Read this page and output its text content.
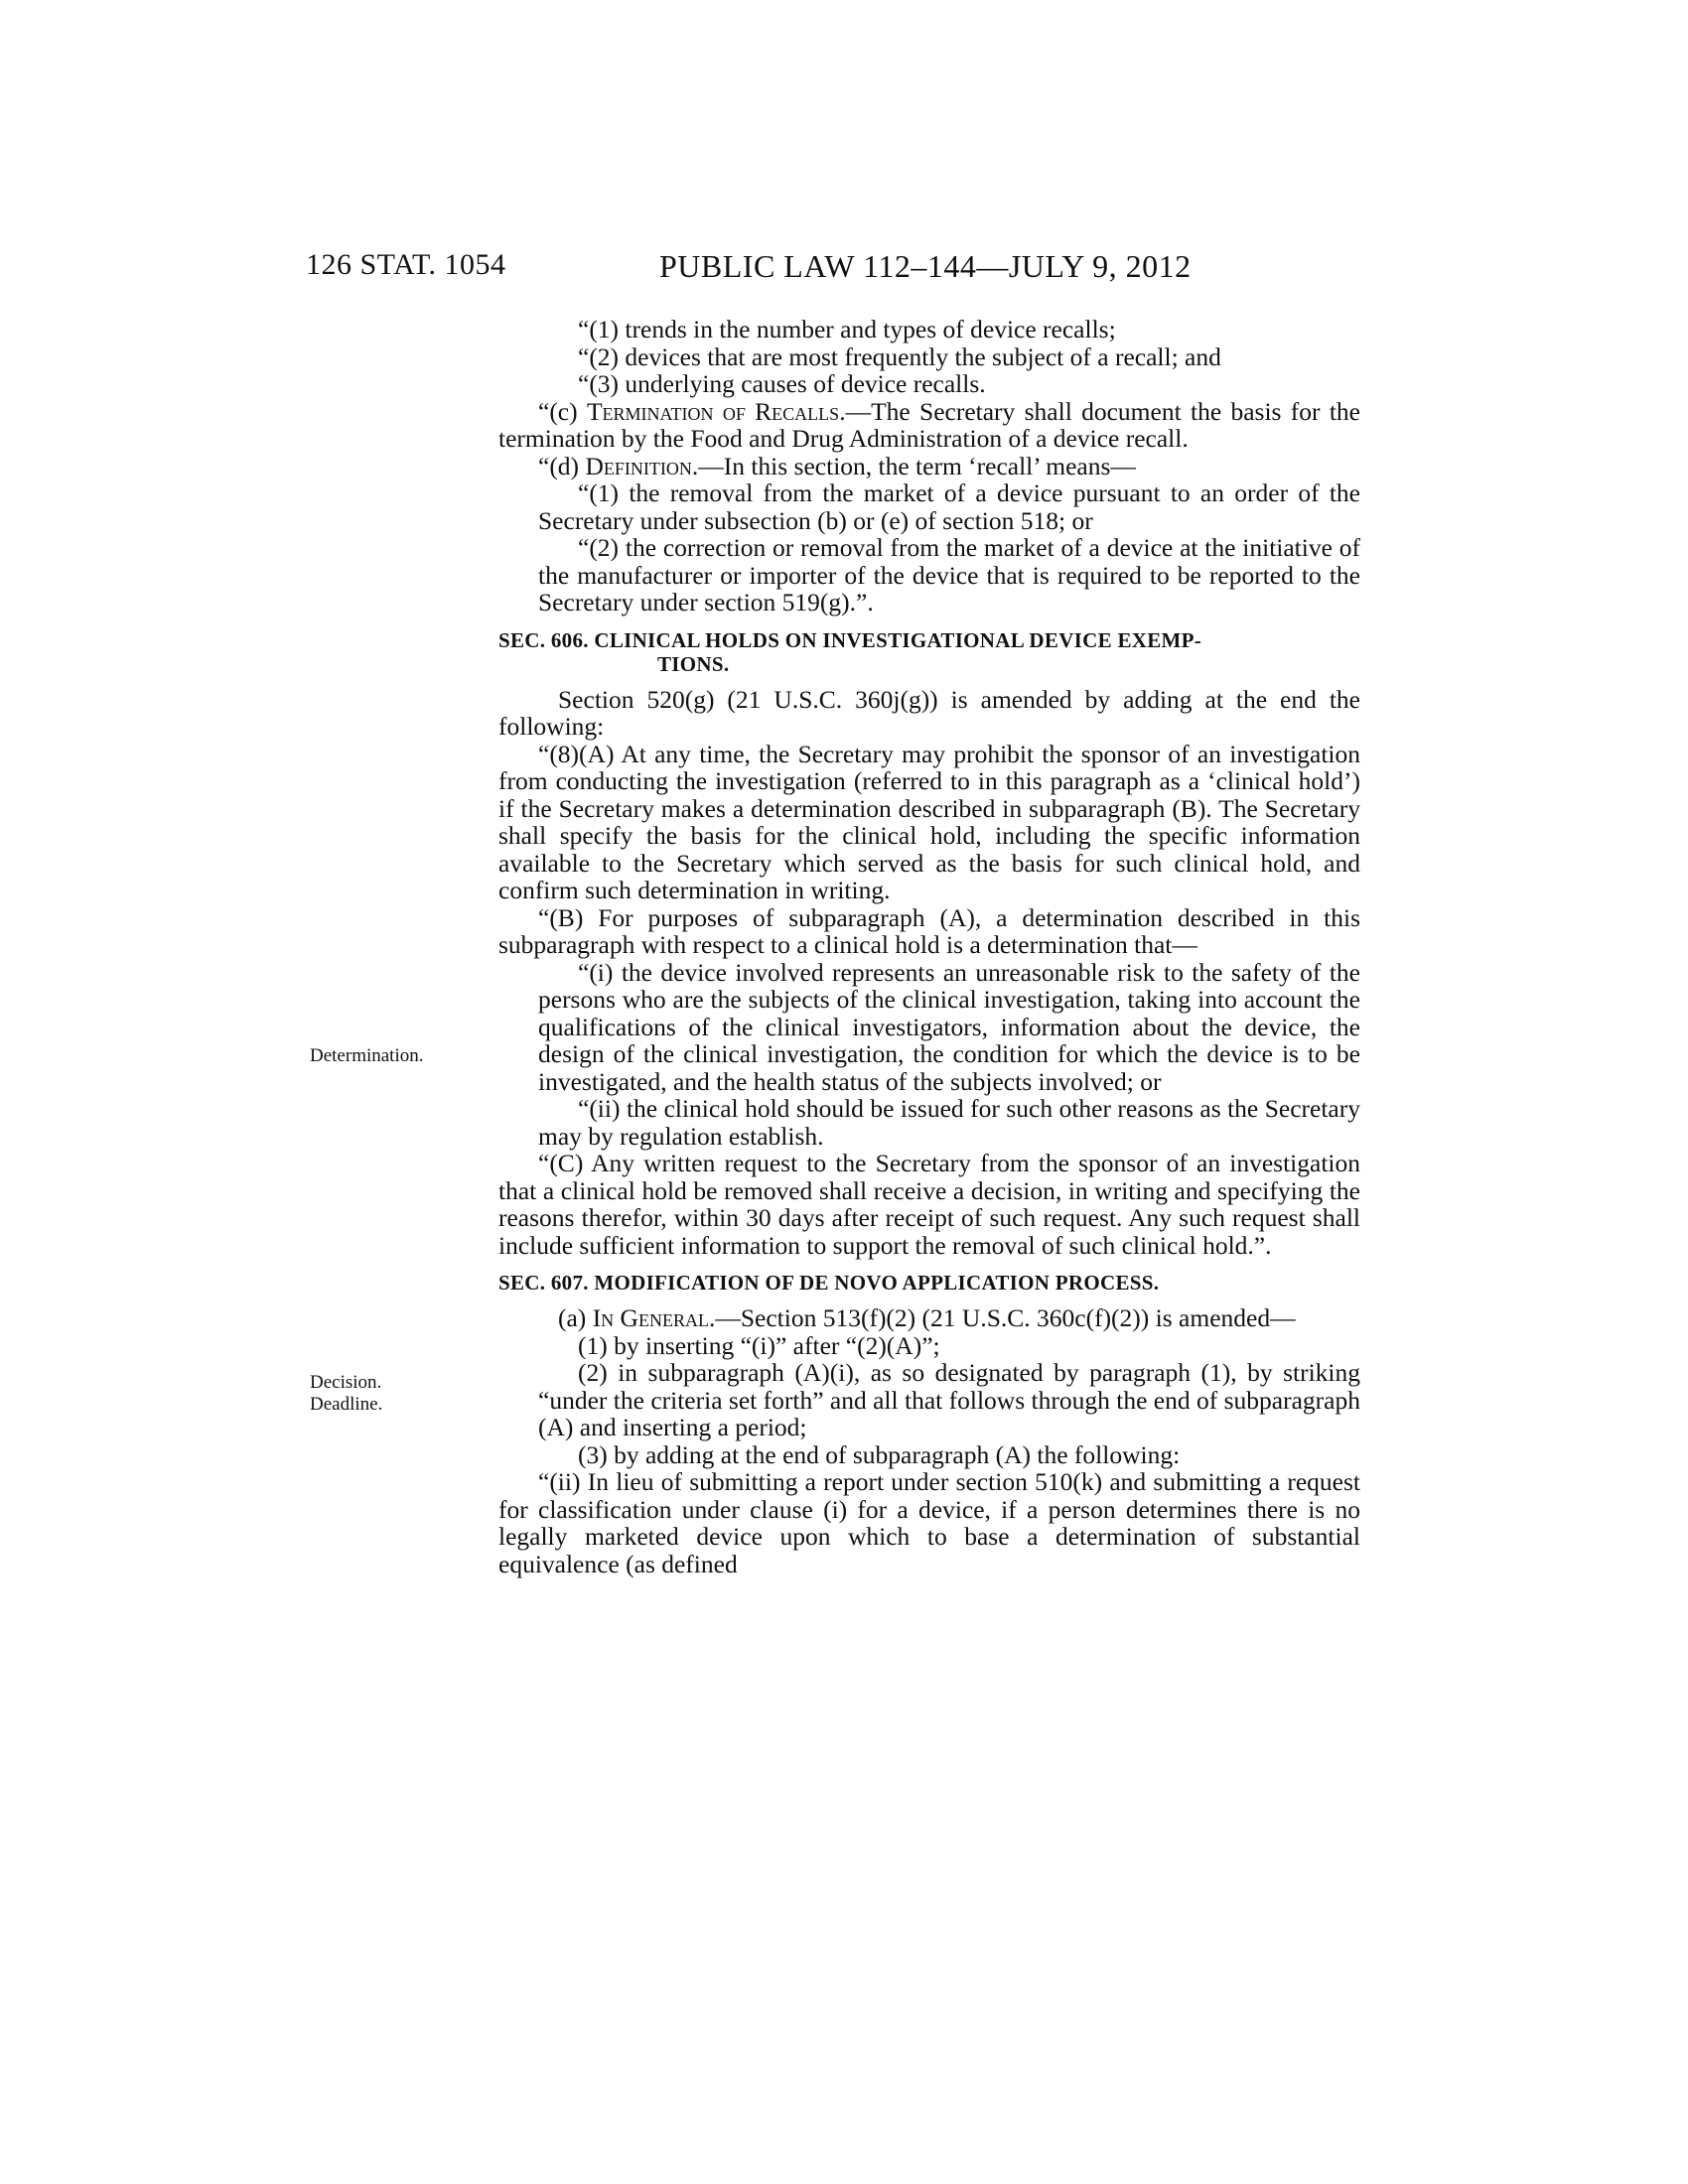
126 STAT. 1054	PUBLIC LAW 112–144—JULY 9, 2012
Determination.
Decision.
Deadline.

“(1) trends in the number and types of device recalls;

“(2) devices that are most frequently the subject of a recall; and

“(3) underlying causes of device recalls.

“(c) Termination of Recalls.—The Secretary shall document the basis for the termination by the Food and Drug Administration of a device recall.

“(d) Definition.—In this section, the term ‘recall’ means—

“(1) the removal from the market of a device pursuant to an order of the Secretary under subsection (b) or (e) of section 518; or

“(2) the correction or removal from the market of a device at the initiative of the manufacturer or importer of the device that is required to be reported to the Secretary under section 519(g).”.

SEC. 606. CLINICAL HOLDS ON INVESTIGATIONAL DEVICE EXEMP-
TIONS.

Section 520(g) (21 U.S.C. 360j(g)) is amended by adding at the end the following:

“(8)(A) At any time, the Secretary may prohibit the sponsor of an investigation from conducting the investigation (referred to in this paragraph as a ‘clinical hold’) if the Secretary makes a determination described in subparagraph (B). The Secretary shall specify the basis for the clinical hold, including the specific information available to the Secretary which served as the basis for such clinical hold, and confirm such determination in writing.

“(B) For purposes of subparagraph (A), a determination described in this subparagraph with respect to a clinical hold is a determination that—

“(i) the device involved represents an unreasonable risk to the safety of the persons who are the subjects of the clinical investigation, taking into account the qualifications of the clinical investigators, information about the device, the design of the clinical investigation, the condition for which the device is to be investigated, and the health status of the subjects involved; or

“(ii) the clinical hold should be issued for such other reasons as the Secretary may by regulation establish.

“(C) Any written request to the Secretary from the sponsor of an investigation that a clinical hold be removed shall receive a decision, in writing and specifying the reasons therefor, within 30 days after receipt of such request. Any such request shall include sufficient information to support the removal of such clinical hold.”.

SEC. 607. MODIFICATION OF DE NOVO APPLICATION PROCESS.

(a) In General.—Section 513(f)(2) (21 U.S.C. 360c(f)(2)) is amended—

(1) by inserting “(i)” after “(2)(A)”;

(2) in subparagraph (A)(i), as so designated by paragraph (1), by striking “under the criteria set forth” and all that follows through the end of subparagraph (A) and inserting a period;

(3) by adding at the end of subparagraph (A) the following:

“(ii) In lieu of submitting a report under section 510(k) and submitting a request for classification under clause (i) for a device, if a person determines there is no legally marketed device upon which to base a determination of substantial equivalence (as defined
